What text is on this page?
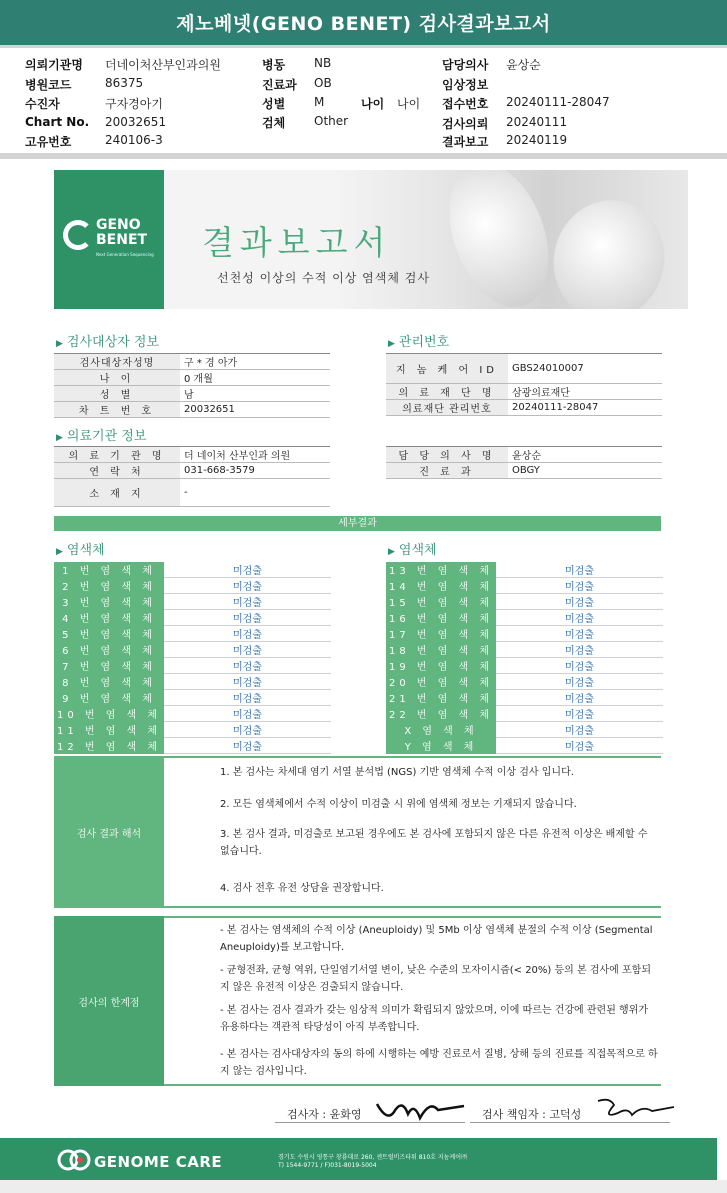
제노베넷(GENO BENET) 검사결과보고서
의뢰기관명 더네이처산부인과의원
병원코드	86375
수진자	구자경아기
Chart No. 20032651
고유번호	240106-3
병동 NB
진료과 OB
성별 M	나이 나이
검체 Other
담당의사 윤상순
임상정보
접수번호 20240111-28047
검사의뢰 20240111
결과보고 20240119
GENO
BENET
Next Generation Sequencing 결과보고서
선천성 이상의 수적 이상 염색체 검사
▶ 검사대상자 정보
검사대상자성명	구 * 경 아가
나 이	0 개월
성 별	남
차 트 번 호	20032651
▶ 관리번호
지 놈 케 어 ID	GBS24010007
의 료 재 단 명	삼광의료재단
의료재단 관리번호	20240111-28047
▶ 의료기관 정보
의 료 기 관 명	더 네이처 산부인과 의원
연 락 처	031-668-3579
소 재 지	-
담 당 의 사 명	윤상순
진 료 과	OBGY
세부결과
▶ 염색체	▶ 염색체
1 번 염 색 체	미검출
2 번 염 색 체	미검출
3 번 염 색 체	미검출
4 번 염 색 체	미검출
5 번 염 색 체	미검출
6 번 염 색 체	미검출
7 번 염 색 체	미검출
8 번 염 색 체	미검출
9 번 염 색 체	미검출
10 번 염 색 체	미검출
11 번 염 색 체	미검출
12 번 염 색 체	미검출
13 번 염 색 체	미검출
14 번 염 색 체	미검출
15 번 염 색 체	미검출
16 번 염 색 체	미검출
17 번 염 색 체	미검출
18 번 염 색 체	미검출
19 번 염 색 체	미검출
20 번 염 색 체	미검출
21 번 염 색 체	미검출
22 번 염 색 체	미검출
X 염 색 체	미검출
Y 염 색 체	미검출
검사 결과 해석
1. 본 검사는 차세대 염기 서열 분석법 (NGS) 기반 염색체 수적 이상 검사 입니다.
2. 모든 염색체에서 수적 이상이 미검출 시 위에 염색체 정보는 기재되지 않습니다.
3. 본 검사 결과, 미검출로 보고된 경우에도 본 검사에 포함되지 않은 다른 유전적 이상은 배제할 수 없습니다.
4. 검사 전후 유전 상담을 권장합니다.
검사의 한계점
- 본 검사는 염색체의 수적 이상 (Aneuploidy) 및 5Mb 이상 염색체 분절의 수적 이상 (Segmental Aneuploidy)를 보고합니다.
- 균형전좌, 균형 역위, 단일염기서열 변이, 낮은 수준의 모자이시즘(< 20%) 등의 본 검사에 포함되지 않은 유전적 이상은 검출되지 않습니다.
- 본 검사는 검사 결과가 갖는 임상적 의미가 확립되지 않았으며, 이에 따르는 건강에 관련된 행위가 유용하다는 객관적 타당성이 아직 부족합니다.
- 본 검사는 검사대상자의 동의 하에 시행하는 예방 진료로서 질병, 상해 등의 진료를 직접목적으로 하지 않는 검사입니다.
검사자 : 윤화영	검사 책임자 : 고덕성
GENOME CARE	경기도 수원시 영통구 창룡대로 260, 센트럴비즈타워 810호 지놈케어㈜
T) 1544-9771 / F)031-8019-5004
